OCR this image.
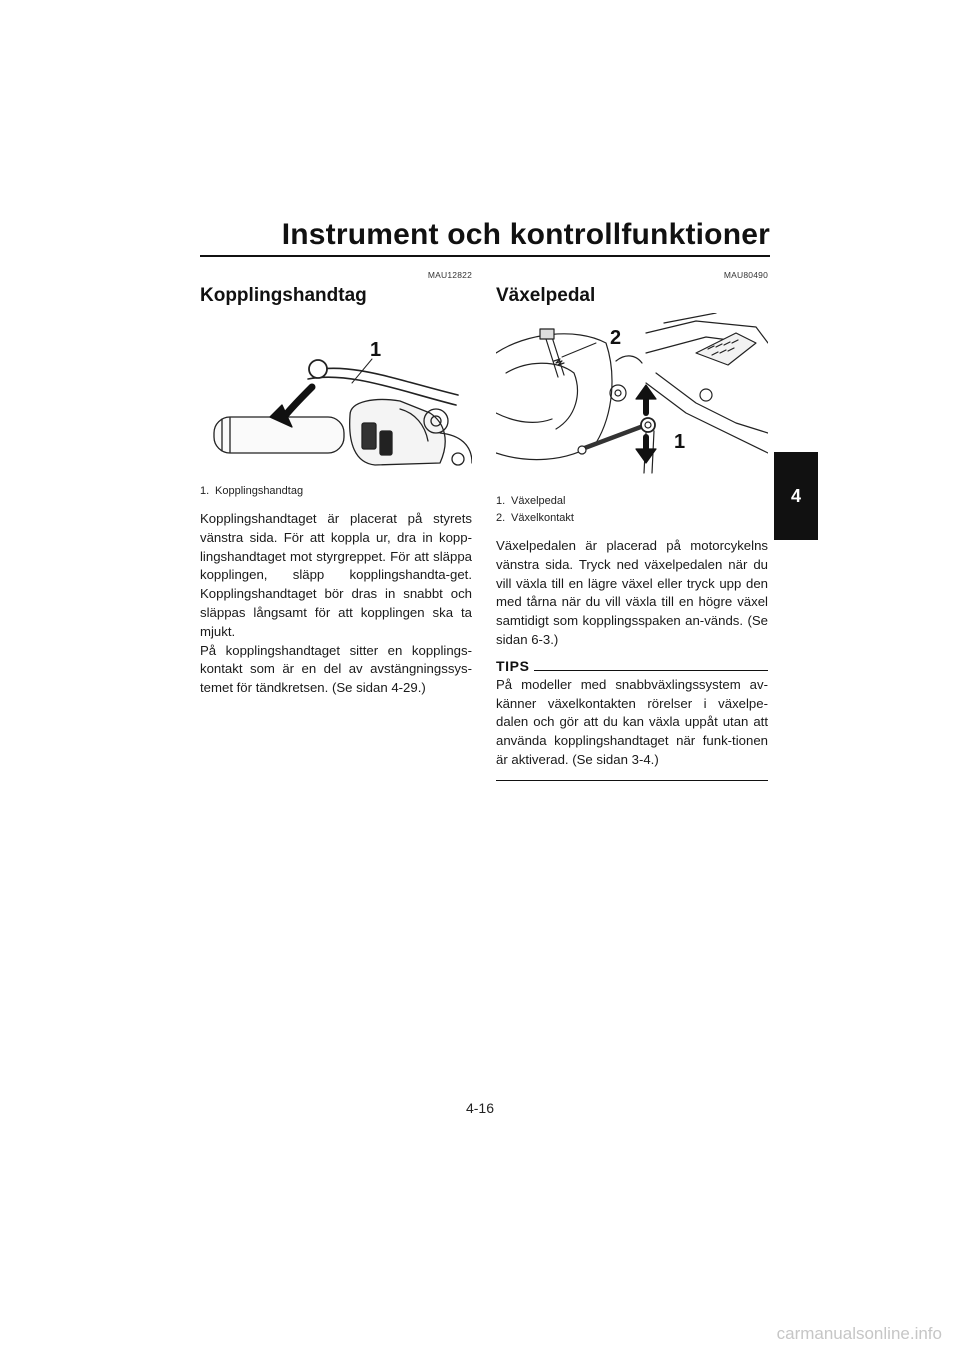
Instrument och kontrollfunktioner
4
MAU12822
Kopplingshandtag
1
1. Kopplingshandtag

Kopplingshandtaget är placerat på styrets vänstra sida. För att koppla ur, dra in kopp-lingshandtaget mot styrgreppet. För att släppa kopplingen, släpp kopplingshandta-get. Kopplingshandtaget bör dras in snabbt och släppas långsamt för att kopplingen ska ta mjukt.

På kopplingshandtaget sitter en kopplings-kontakt som är en del av avstängningssys-temet för tändkretsen. (Se sidan 4-29.)

MAU80490
Växelpedal
2
1
1. Växelpedal
2. Växelkontakt

Växelpedalen är placerad på motorcykelns vänstra sida. Tryck ned växelpedalen när du vill växla till en lägre växel eller tryck upp den med tårna när du vill växla till en högre växel samtidigt som kopplingsspaken an-vänds. (Se sidan 6-3.)

TIPS

På modeller med snabbväxlingssystem av-känner växelkontakten rörelser i växelpe-dalen och gör att du kan växla uppåt utan att använda kopplingshandtaget när funk-tionen är aktiverad. (Se sidan 3-4.)

4-16
carmanualsonline.info
